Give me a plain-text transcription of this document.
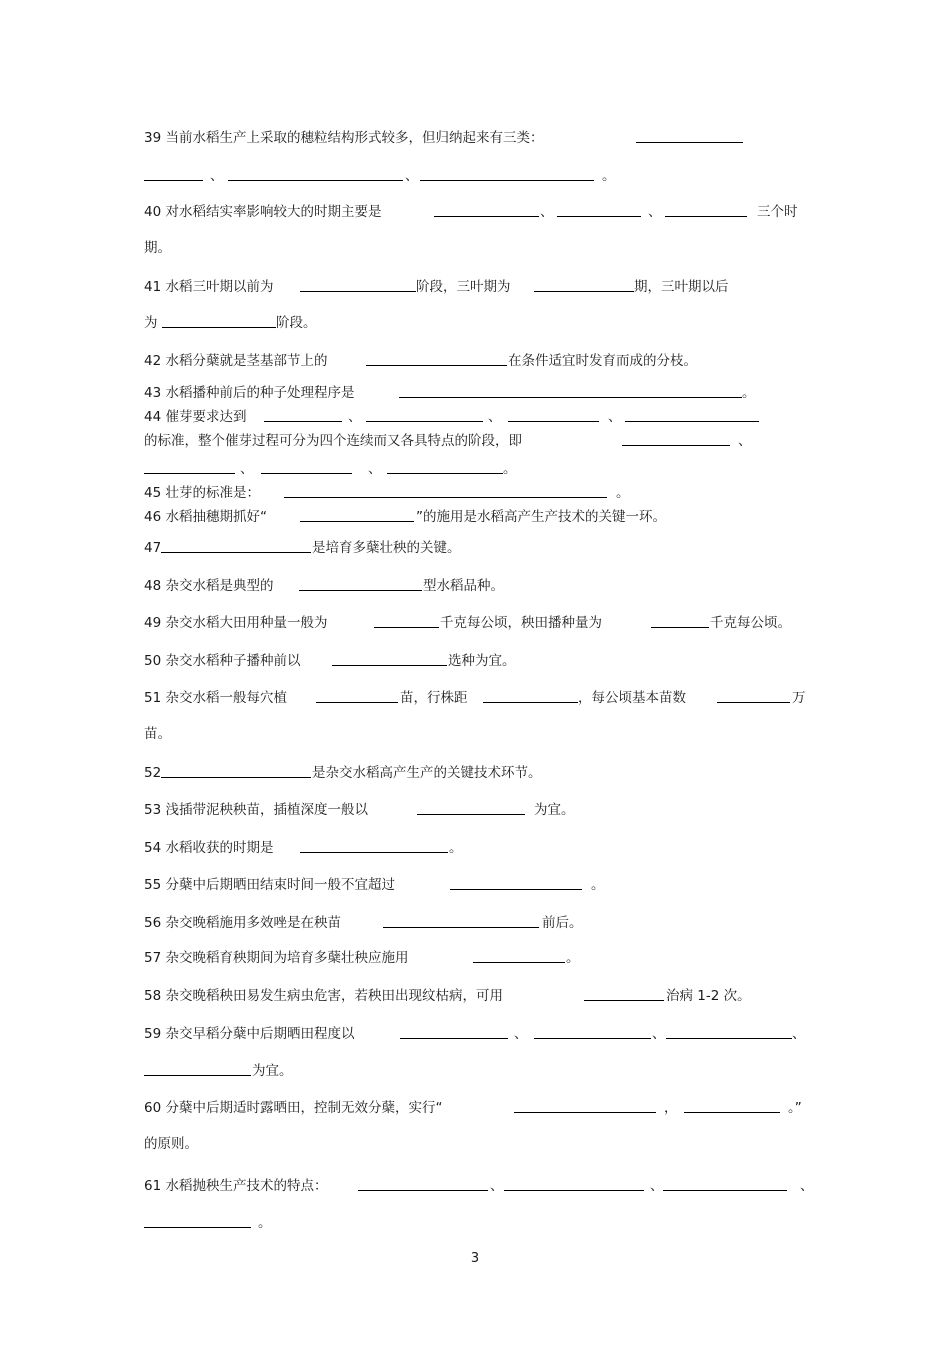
39 当前水稻生产上采取的穗粒结构形式较多，但归纳起来有三类：
、	、	。
40 对水稻结实率影响较大的时期主要是	、	、	三个时
期。
41 水稻三叶期以前为	阶段，三叶期为	期，三叶期以后
为	阶段。
42 水稻分蘖就是茎基部节上的	在条件适宜时发育而成的分枝。
43 水稻播种前后的种子处理程序是	。
44 催芽要求达到	、	、	、
的标准，整个催芽过程可分为四个连续而又各具特点的阶段，即	、
、	、	。
45 壮芽的标准是：	。
46 水稻抽穗期抓好“	”的施用是水稻高产生产技术的关键一环。
47	是培育多蘖壮秧的关键。
48 杂交水稻是典型的	型水稻品种。
49 杂交水稻大田用种量一般为	千克每公顷，秧田播种量为	千克每公顷。
50 杂交水稻种子播种前以	选种为宜。
51 杂交水稻一般每穴植	苗，行株距	，每公顷基本苗数	万
苗。
52	是杂交水稻高产生产的关键技术环节。
53 浅插带泥秧秧苗，插植深度一般以	为宜。
54 水稻收获的时期是	。
55 分蘖中后期晒田结束时间一般不宜超过	。
56 杂交晚稻施用多效唑是在秧苗	前后。
57 杂交晚稻育秧期间为培育多蘖壮秧应施用	。
58 杂交晚稻秧田易发生病虫危害，若秧田出现纹枯病，可用	治病 1-2 次。
59 杂交早稻分蘖中后期晒田程度以	、	、	、
为宜。
60 分蘖中后期适时露晒田，控制无效分蘖，实行“	，	。”
的原则。
61 水稻抛秧生产技术的特点：	、	、	、
。
3
